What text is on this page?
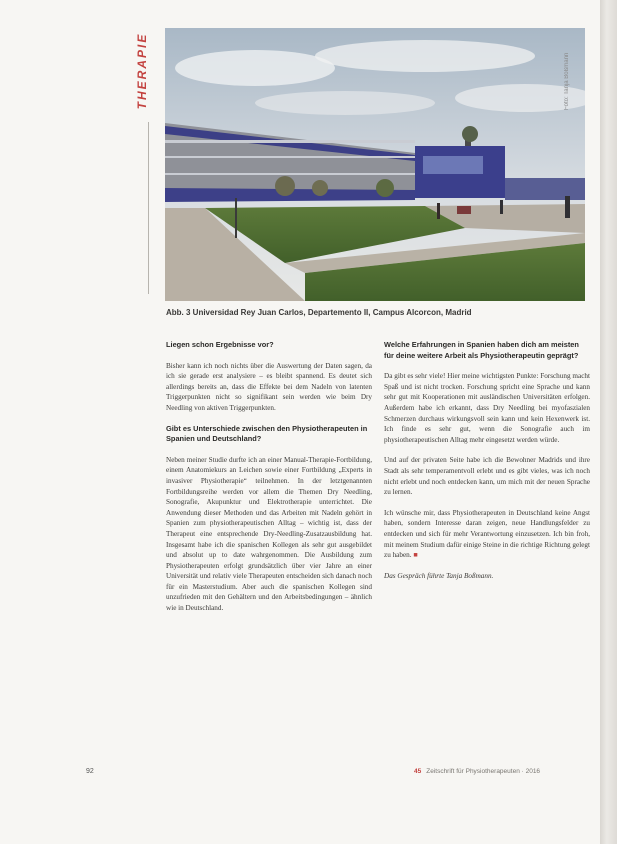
THERAPIE	Foto: Tanja Boßmann
Abb. 3 Universidad Rey Juan Carlos, Departemento II, Campus Alcorcon, Madrid
Liegen schon Ergebnisse vor?

Bisher kann ich noch nichts über die Auswertung der Daten sagen, da ich sie gerade erst analysiere – es bleibt spannend. Es deutet sich allerdings bereits an, dass die Effekte bei dem Nadeln von latenten Triggerpunkten nicht so signifikant sein werden wie beim Dry Needling von aktiven Triggerpunkten.

Gibt es Unterschiede zwischen den Physiotherapeuten in Spanien und Deutschland?

Neben meiner Studie durfte ich an einer Manual-Therapie-Fortbildung, einem Anatomiekurs an Leichen sowie einer Fortbildung „Experts in invasiver Physiotherapie“ teilnehmen. In der letztgenannten Fortbildungsreihe werden vor allem die Themen Dry Needling, Sonografie, Akupunktur und Elektrotherapie unterrichtet. Die Anwendung dieser Methoden und das Arbeiten mit Nadeln gehört in Spanien zum physiotherapeutischen Alltag – wichtig ist, dass der Therapeut eine entsprechende Dry-Needling-Zusatzausbildung hat. Insgesamt habe ich die spanischen Kollegen als sehr gut ausgebildet und absolut up to date wahrgenommen. Die Ausbildung zum Physiotherapeuten erfolgt grundsätzlich über vier Jahre an einer Universität und relativ viele Therapeuten entscheiden sich danach noch für ein Masterstudium. Aber auch die spanischen Kollegen sind unzufrieden mit den Gehältern und den Arbeitsbedingungen – ähnlich wie in Deutschland.

Welche Erfahrungen in Spanien haben dich am meisten für deine weitere Arbeit als Physiotherapeutin geprägt?

Da gibt es sehr viele! Hier meine wichtigsten Punkte: Forschung macht Spaß und ist nicht trocken. Forschung spricht eine Sprache und kann sehr gut mit Kooperationen mit ausländischen Universitäten erfolgen. Außerdem habe ich erkannt, dass Dry Needling bei myofaszialen Schmerzen durchaus wirkungsvoll sein kann und kein Hexenwerk ist. Ich finde es sehr gut, wenn die Sonografie auch im physiotherapeutischen Alltag mehr eingesetzt werden würde.

Und auf der privaten Seite habe ich die Bewohner Madrids und ihre Stadt als sehr temperamentvoll erlebt und es gibt vieles, was ich noch nicht erlebt und noch entdecken kann, um mich mit der neuen Sprache zu lernen.

Ich wünsche mir, dass Physiotherapeuten in Deutschland keine Angst haben, sondern Interesse daran zeigen, neue Handlungsfelder zu entdecken und sich für mehr Verantwortung einzusetzen. Ich bin froh, mit meinem Studium dafür einige Steine in die richtige Richtung gelegt zu haben. ■

Das Gespräch führte Tanja Boßmann.

92	45 Zeitschrift für Physiotherapeuten · 2016
